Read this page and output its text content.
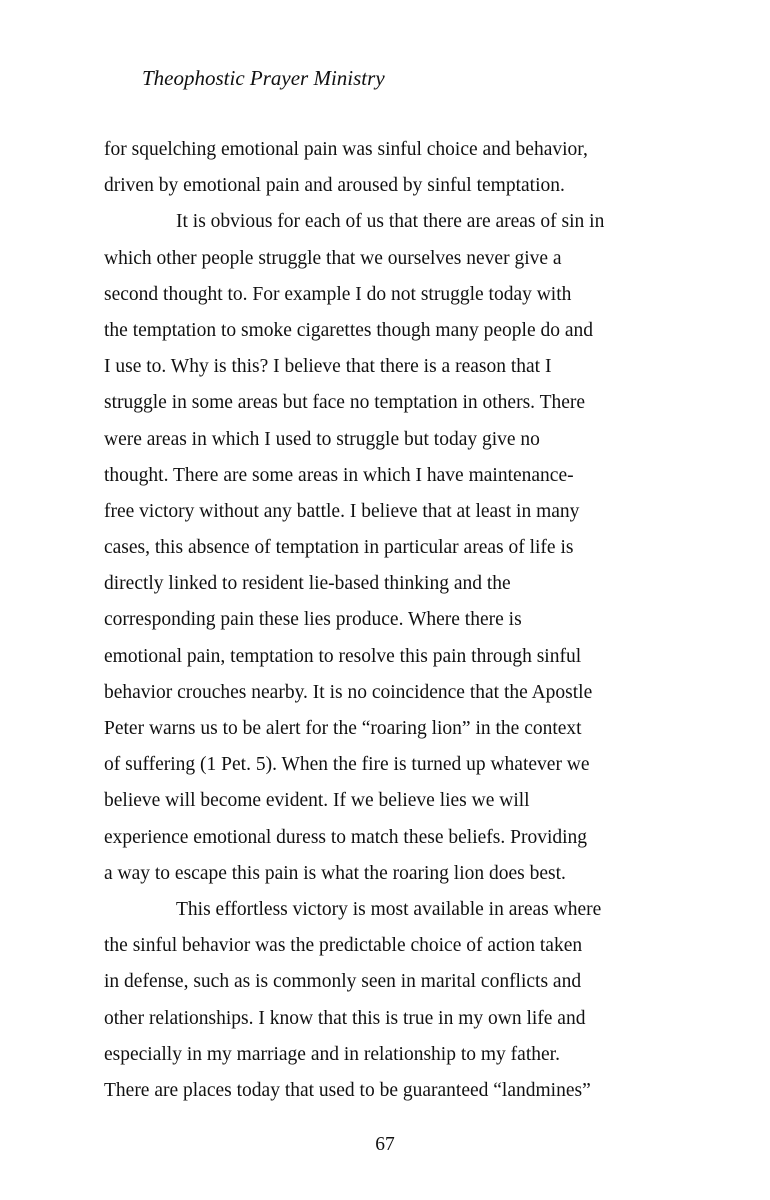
Theophostic Prayer Ministry
for squelching emotional pain was sinful choice and behavior,
driven by emotional pain and aroused by sinful temptation.
It is obvious for each of us that there are areas of sin in
which other people struggle that we ourselves never give a
second thought to. For example I do not struggle today with
the temptation to smoke cigarettes though many people do and
I use to. Why is this? I believe that there is a reason that I
struggle in some areas but face no temptation in others. There
were areas in which I used to struggle but today give no
thought. There are some areas in which I have maintenance-
free victory without any battle. I believe that at least in many
cases, this absence of temptation in particular areas of life is
directly linked to resident lie-based thinking and the
corresponding pain these lies produce. Where there is
emotional pain, temptation to resolve this pain through sinful
behavior crouches nearby. It is no coincidence that the Apostle
Peter warns us to be alert for the “roaring lion” in the context
of suffering (1 Pet. 5). When the fire is turned up whatever we
believe will become evident. If we believe lies we will
experience emotional duress to match these beliefs. Providing
a way to escape this pain is what the roaring lion does best.
This effortless victory is most available in areas where
the sinful behavior was the predictable choice of action taken
in defense, such as is commonly seen in marital conflicts and
other relationships. I know that this is true in my own life and
especially in my marriage and in relationship to my father.
There are places today that used to be guaranteed “landmines”
67
